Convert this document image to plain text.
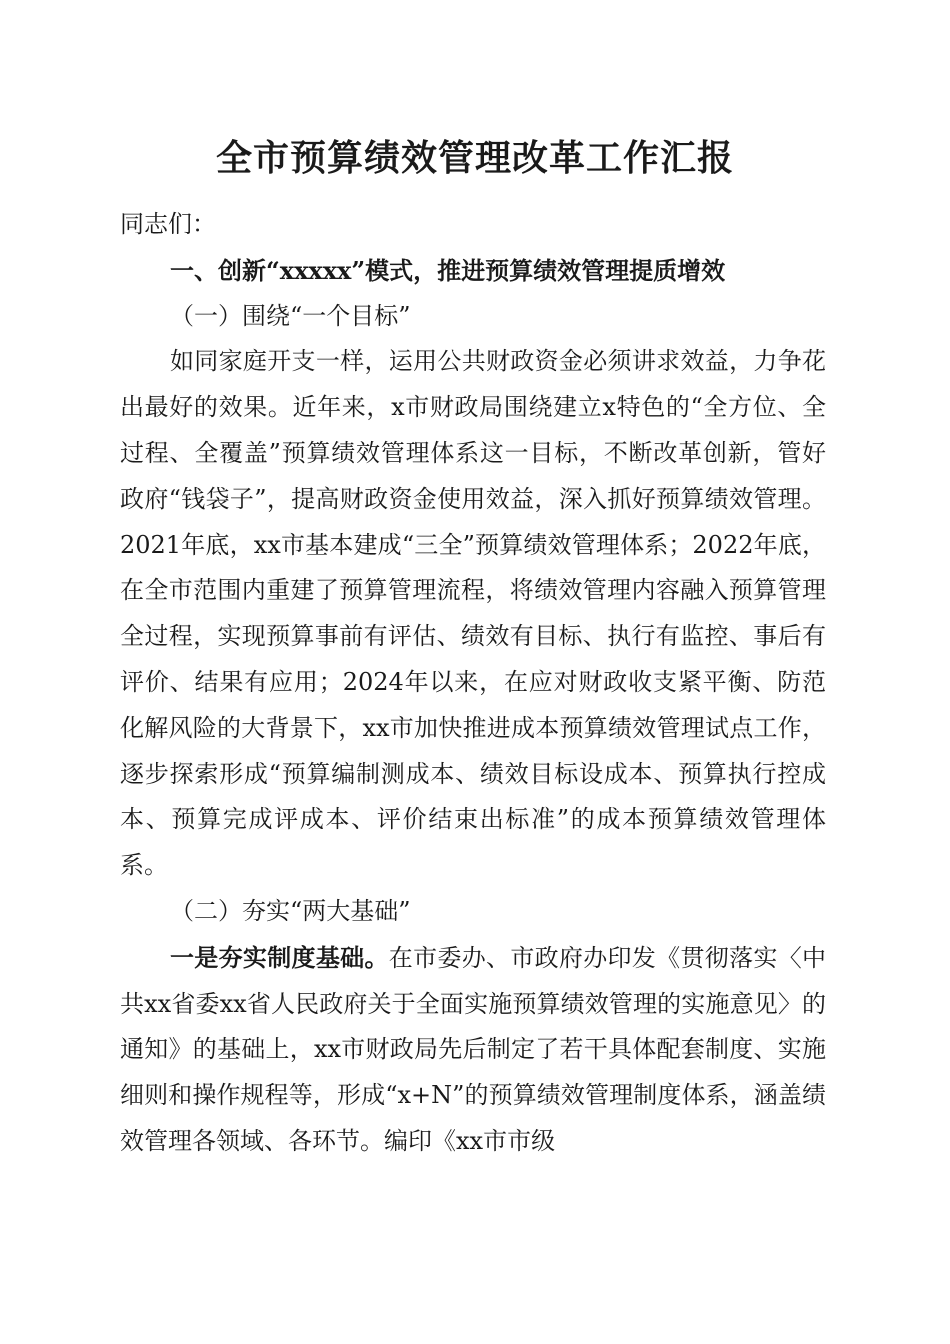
全市预算绩效管理改革工作汇报

同志们：

一、创新“xxxxx”模式，推进预算绩效管理提质增效

（一）围绕“一个目标”

如同家庭开支一样，运用公共财政资金必须讲求效益，力争花出最好的效果。近年来，x市财政局围绕建立x特色的“全方位、全过程、全覆盖”预算绩效管理体系这一目标，不断改革创新，管好政府“钱袋子”，提高财政资金使用效益，深入抓好预算绩效管理。2021年底，xx市基本建成“三全”预算绩效管理体系；2022年底，在全市范围内重建了预算管理流程，将绩效管理内容融入预算管理全过程，实现预算事前有评估、绩效有目标、执行有监控、事后有评价、结果有应用；2024年以来，在应对财政收支紧平衡、防范化解风险的大背景下，xx市加快推进成本预算绩效管理试点工作，逐步探索形成“预算编制测成本、绩效目标设成本、预算执行控成本、预算完成评成本、评价结束出标准”的成本预算绩效管理体系。

（二）夯实“两大基础”

一是夯实制度基础。在市委办、市政府办印发《贯彻落实〈中共xx省委xx省人民政府关于全面实施预算绩效管理的实施意见〉的通知》的基础上，xx市财政局先后制定了若干具体配套制度、实施细则和操作规程等，形成“x+N”的预算绩效管理制度体系，涵盖绩效管理各领域、各环节。编印《xx市市级
